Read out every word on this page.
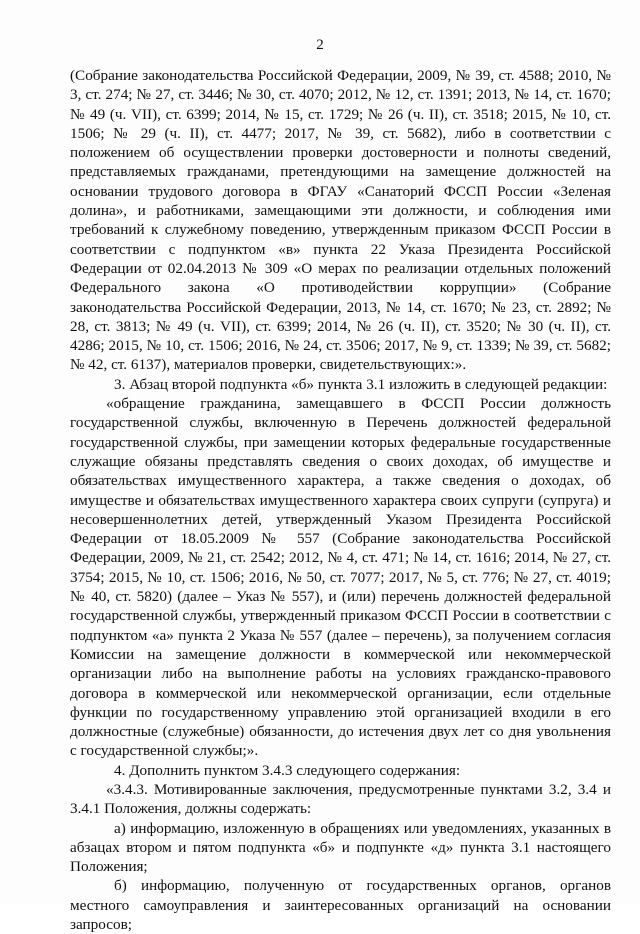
2

(Собрание законодательства Российской Федерации, 2009, № 39, ст. 4588; 2010, № 3, ст. 274; № 27, ст. 3446; № 30, ст. 4070; 2012, № 12, ст. 1391; 2013, № 14, ст. 1670; № 49 (ч. VII), ст. 6399; 2014, № 15, ст. 1729; № 26 (ч. II), ст. 3518; 2015, № 10, ст. 1506; № 29 (ч. II), ст. 4477; 2017, № 39, ст. 5682), либо в соответствии с положением об осуществлении проверки достоверности и полноты сведений, представляемых гражданами, претендующими на замещение должностей на основании трудового договора в ФГАУ «Санаторий ФССП России «Зеленая долина», и работниками, замещающими эти должности, и соблюдения ими требований к служебному поведению, утвержденным приказом ФССП России в соответствии с подпунктом «в» пункта 22 Указа Президента Российской Федерации от 02.04.2013 № 309 «О мерах по реализации отдельных положений Федерального закона «О противодействии коррупции» (Собрание законодательства Российской Федерации, 2013, № 14, ст. 1670; № 23, ст. 2892; № 28, ст. 3813; № 49 (ч. VII), ст. 6399; 2014, № 26 (ч. II), ст. 3520; № 30 (ч. II), ст. 4286; 2015, № 10, ст. 1506; 2016, № 24, ст. 3506; 2017, № 9, ст. 1339; № 39, ст. 5682; № 42, ст. 6137), материалов проверки, свидетельствующих:».

3. Абзац второй подпункта «б» пункта 3.1 изложить в следующей редакции:

«обращение гражданина, замещавшего в ФССП России должность государственной службы, включенную в Перечень должностей федеральной государственной службы, при замещении которых федеральные государственные служащие обязаны представлять сведения о своих доходах, об имуществе и обязательствах имущественного характера, а также сведения о доходах, об имуществе и обязательствах имущественного характера своих супруги (супруга) и несовершеннолетних детей, утвержденный Указом Президента Российской Федерации от 18.05.2009 № 557 (Собрание законодательства Российской Федерации, 2009, № 21, ст. 2542; 2012, № 4, ст. 471; № 14, ст. 1616; 2014, № 27, ст. 3754; 2015, № 10, ст. 1506; 2016, № 50, ст. 7077; 2017, № 5, ст. 776; № 27, ст. 4019; № 40, ст. 5820) (далее – Указ № 557), и (или) перечень должностей федеральной государственной службы, утвержденный приказом ФССП России в соответствии с подпунктом «а» пункта 2 Указа № 557 (далее – перечень), за получением согласия Комиссии на замещение должности в коммерческой или некоммерческой организации либо на выполнение работы на условиях гражданско-правового договора в коммерческой или некоммерческой организации, если отдельные функции по государственному управлению этой организацией входили в его должностные (служебные) обязанности, до истечения двух лет со дня увольнения с государственной службы;».

4. Дополнить пунктом 3.4.3 следующего содержания:

«3.4.3. Мотивированные заключения, предусмотренные пунктами 3.2, 3.4 и 3.4.1 Положения, должны содержать:

а) информацию, изложенную в обращениях или уведомлениях, указанных в абзацах втором и пятом подпункта «б» и подпункте «д» пункта 3.1 настоящего Положения;

б) информацию, полученную от государственных органов, органов местного самоуправления и заинтересованных организаций на основании запросов;
